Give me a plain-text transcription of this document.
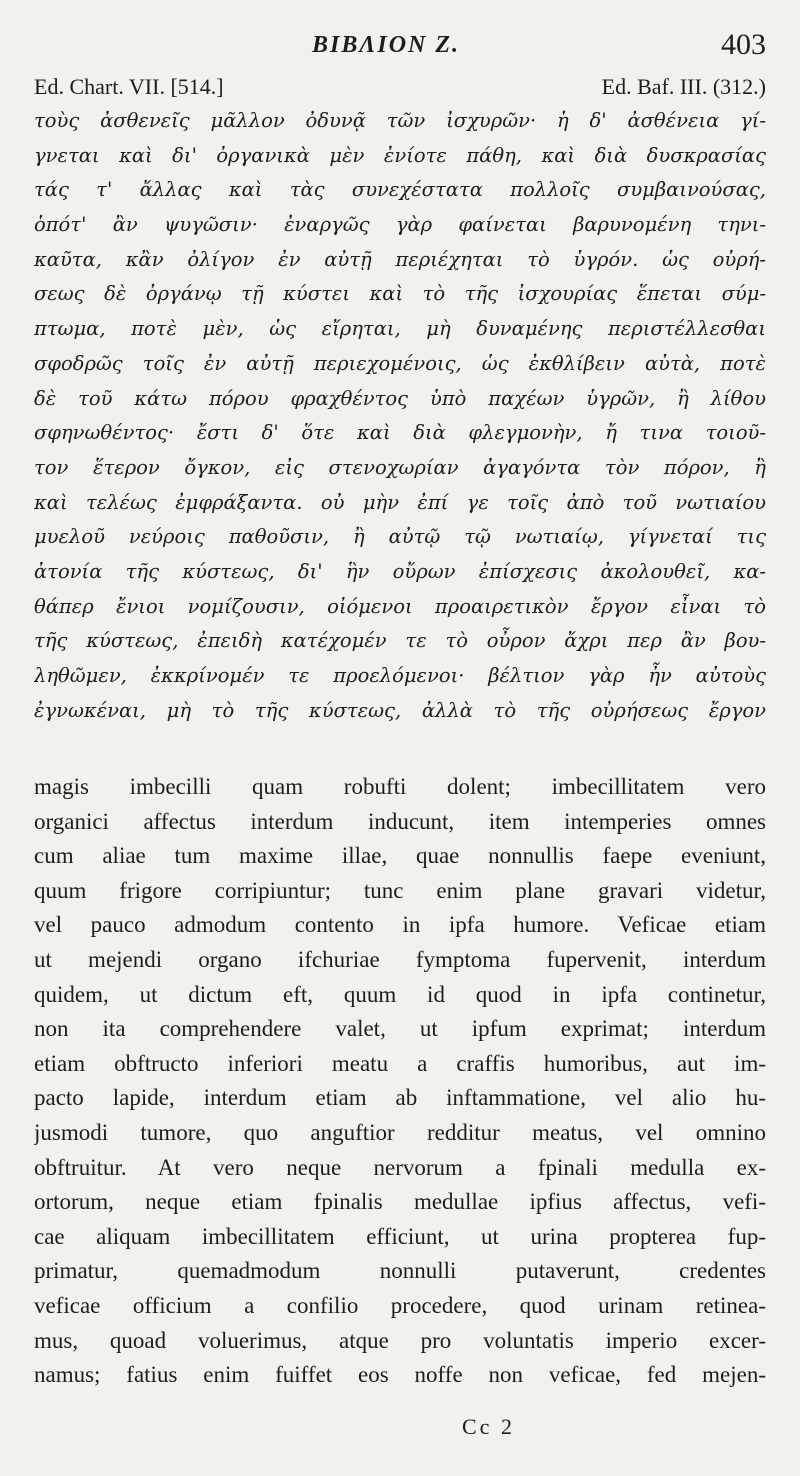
BIBΛION Z.	403
Ed. Chart. VII. [514.]	Ed. Baf. III. (312.)
τοὺς ἀσθενεῖς μᾶλλον ὀδυνᾷ τῶν ἰσχυρῶν· ἡ δ' ἀσθένεια γί-
γνεται καὶ δι' ὀργανικὰ μὲν ἐνίοτε πάθη, καὶ διὰ δυσκρασίας
τάς τ' ἄλλας καὶ τὰς συνεχέστατα πολλοῖς συμβαινούσας,
ὁπότ' ἂν ψυγῶσιν· ἐναργῶς γὰρ φαίνεται βαρυνομένη τηνι-
καῦτα, κἂν ὀλίγον ἐν αὐτῇ περιέχηται τὸ ὑγρόν. ὡς οὐρή-
σεως δὲ ὀργάνῳ τῇ κύστει καὶ τὸ τῆς ἰσχουρίας ἕπεται σύμ-
πτωμα, ποτὲ μὲν, ὡς εἴρηται, μὴ δυναμένης περιστέλλεσθαι
σφοδρῶς τοῖς ἐν αὐτῇ περιεχομένοις, ὡς ἐκθλίβειν αὐτὰ, ποτὲ
δὲ τοῦ κάτω πόρου φραχθέντος ὑπὸ παχέων ὑγρῶν, ἢ λίθου
σφηνωθέντος· ἔστι δ' ὅτε καὶ διὰ φλεγμονὴν, ἤ τινα τοιοῦ-
τον ἕτερον ὄγκον, εἰς στενοχωρίαν ἀγαγόντα τὸν πόρον, ἢ
καὶ τελέως ἐμφράξαντα. οὐ μὴν ἐπί γε τοῖς ἀπὸ τοῦ νωτιαίου
μυελοῦ νεύροις παθοῦσιν, ἢ αὐτῷ τῷ νωτιαίῳ, γίγνεταί τις
ἀτονία τῆς κύστεως, δι' ἣν οὔρων ἐπίσχεσις ἀκολουθεῖ, κα-
θάπερ ἔνιοι νομίζουσιν, οἰόμενοι προαιρετικὸν ἔργον εἶναι τὸ
τῆς κύστεως, ἐπειδὴ κατέχομέν τε τὸ οὖρον ἄχρι περ ἂν βου-
ληθῶμεν, ἐκκρίνομέν τε προελόμενοι· βέλτιον γὰρ ἦν αὐτοὺς
ἐγνωκέναι, μὴ τὸ τῆς κύστεως, ἀλλὰ τὸ τῆς οὐρήσεως ἔργον
magis imbecilli quam robufti dolent; imbecillitatem vero
organici affectus interdum inducunt, item intemperies omnes
cum aliae tum maxime illae, quae nonnullis faepe eveniunt,
quum frigore corripiuntur; tunc enim plane gravari videtur,
vel pauco admodum contento in ipfa humore. Veficae etiam
ut mejendi organo ifchuriae fymptoma fupervenit, interdum
quidem, ut dictum eft, quum id quod in ipfa continetur,
non ita comprehendere valet, ut ipfum exprimat; interdum
etiam obftructo inferiori meatu a craffis humoribus, aut im-
pacto lapide, interdum etiam ab inftammatione, vel alio hu-
jusmodi tumore, quo anguftior redditur meatus, vel omnino
obftruitur. At vero neque nervorum a fpinali medulla ex-
ortorum, neque etiam fpinalis medullae ipfius affectus, vefi-
cae aliquam imbecillitatem efficiunt, ut urina propterea fup-
primatur, quemadmodum nonnulli putaverunt, credentes
veficae officium a confilio procedere, quod urinam retinea-
mus, quoad voluerimus, atque pro voluntatis imperio excer-
namus; fatius enim fuiffet eos noffe non veficae, fed mejen-
Cc 2
